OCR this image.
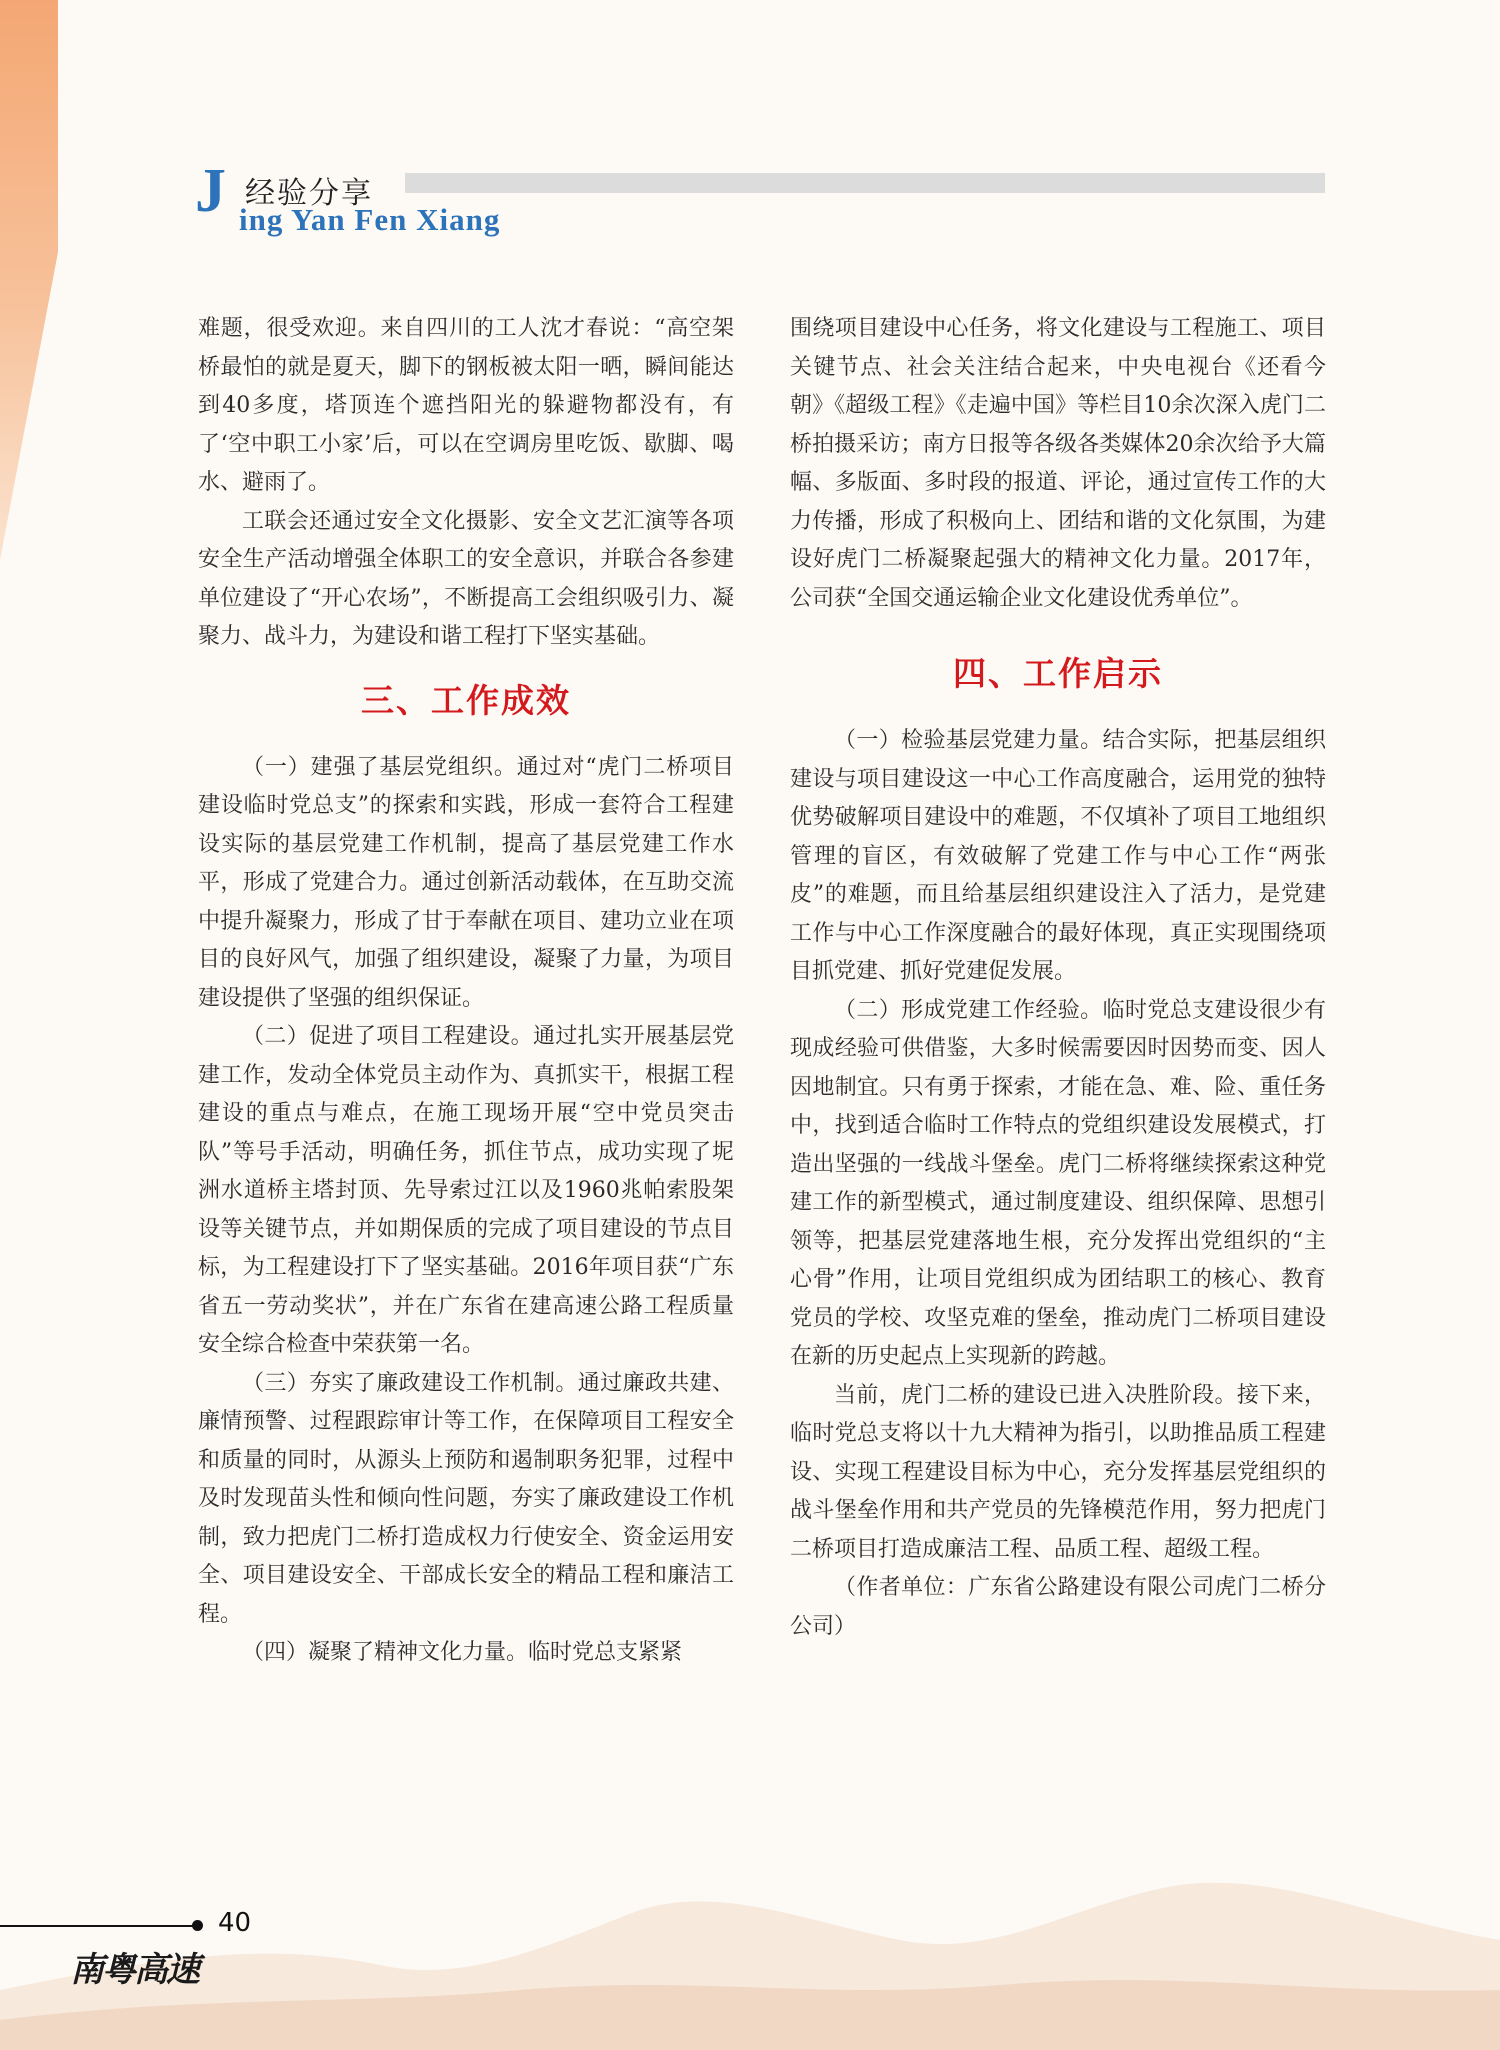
J 经验分享
ing Yan Fen Xiang

难题，很受欢迎。来自四川的工人沈才春说：“高空架桥最怕的就是夏天，脚下的钢板被太阳一晒，瞬间能达到40多度，塔顶连个遮挡阳光的躲避物都没有，有了‘空中职工小家’后，可以在空调房里吃饭、歇脚、喝水、避雨了。

工联会还通过安全文化摄影、安全文艺汇演等各项安全生产活动增强全体职工的安全意识，并联合各参建单位建设了“开心农场”，不断提高工会组织吸引力、凝聚力、战斗力，为建设和谐工程打下坚实基础。

三、工作成效

（一）建强了基层党组织。通过对“虎门二桥项目建设临时党总支”的探索和实践，形成一套符合工程建设实际的基层党建工作机制，提高了基层党建工作水平，形成了党建合力。通过创新活动载体，在互助交流中提升凝聚力，形成了甘于奉献在项目、建功立业在项目的良好风气，加强了组织建设，凝聚了力量，为项目建设提供了坚强的组织保证。

（二）促进了项目工程建设。通过扎实开展基层党建工作，发动全体党员主动作为、真抓实干，根据工程建设的重点与难点，在施工现场开展“空中党员突击队”等号手活动，明确任务，抓住节点，成功实现了坭洲水道桥主塔封顶、先导索过江以及1960兆帕索股架设等关键节点，并如期保质的完成了项目建设的节点目标，为工程建设打下了坚实基础。2016年项目获“广东省五一劳动奖状”，并在广东省在建高速公路工程质量安全综合检查中荣获第一名。

（三）夯实了廉政建设工作机制。通过廉政共建、廉情预警、过程跟踪审计等工作，在保障项目工程安全和质量的同时，从源头上预防和遏制职务犯罪，过程中及时发现苗头性和倾向性问题，夯实了廉政建设工作机制，致力把虎门二桥打造成权力行使安全、资金运用安全、项目建设安全、干部成长安全的精品工程和廉洁工程。

（四）凝聚了精神文化力量。临时党总支紧紧

围绕项目建设中心任务，将文化建设与工程施工、项目关键节点、社会关注结合起来，中央电视台《还看今朝》《超级工程》《走遍中国》等栏目10余次深入虎门二桥拍摄采访；南方日报等各级各类媒体20余次给予大篇幅、多版面、多时段的报道、评论，通过宣传工作的大力传播，形成了积极向上、团结和谐的文化氛围，为建设好虎门二桥凝聚起强大的精神文化力量。2017年，公司获“全国交通运输企业文化建设优秀单位”。

四、工作启示

（一）检验基层党建力量。结合实际，把基层组织建设与项目建设这一中心工作高度融合，运用党的独特优势破解项目建设中的难题，不仅填补了项目工地组织管理的盲区，有效破解了党建工作与中心工作“两张皮”的难题，而且给基层组织建设注入了活力，是党建工作与中心工作深度融合的最好体现，真正实现围绕项目抓党建、抓好党建促发展。

（二）形成党建工作经验。临时党总支建设很少有现成经验可供借鉴，大多时候需要因时因势而变、因人因地制宜。只有勇于探索，才能在急、难、险、重任务中，找到适合临时工作特点的党组织建设发展模式，打造出坚强的一线战斗堡垒。虎门二桥将继续探索这种党建工作的新型模式，通过制度建设、组织保障、思想引领等，把基层党建落地生根，充分发挥出党组织的“主心骨”作用，让项目党组织成为团结职工的核心、教育党员的学校、攻坚克难的堡垒，推动虎门二桥项目建设在新的历史起点上实现新的跨越。

当前，虎门二桥的建设已进入决胜阶段。接下来，临时党总支将以十九大精神为指引，以助推品质工程建设、实现工程建设目标为中心，充分发挥基层党组织的战斗堡垒作用和共产党员的先锋模范作用，努力把虎门二桥项目打造成廉洁工程、品质工程、超级工程。

（作者单位：广东省公路建设有限公司虎门二桥分公司）

40
南粤高速
